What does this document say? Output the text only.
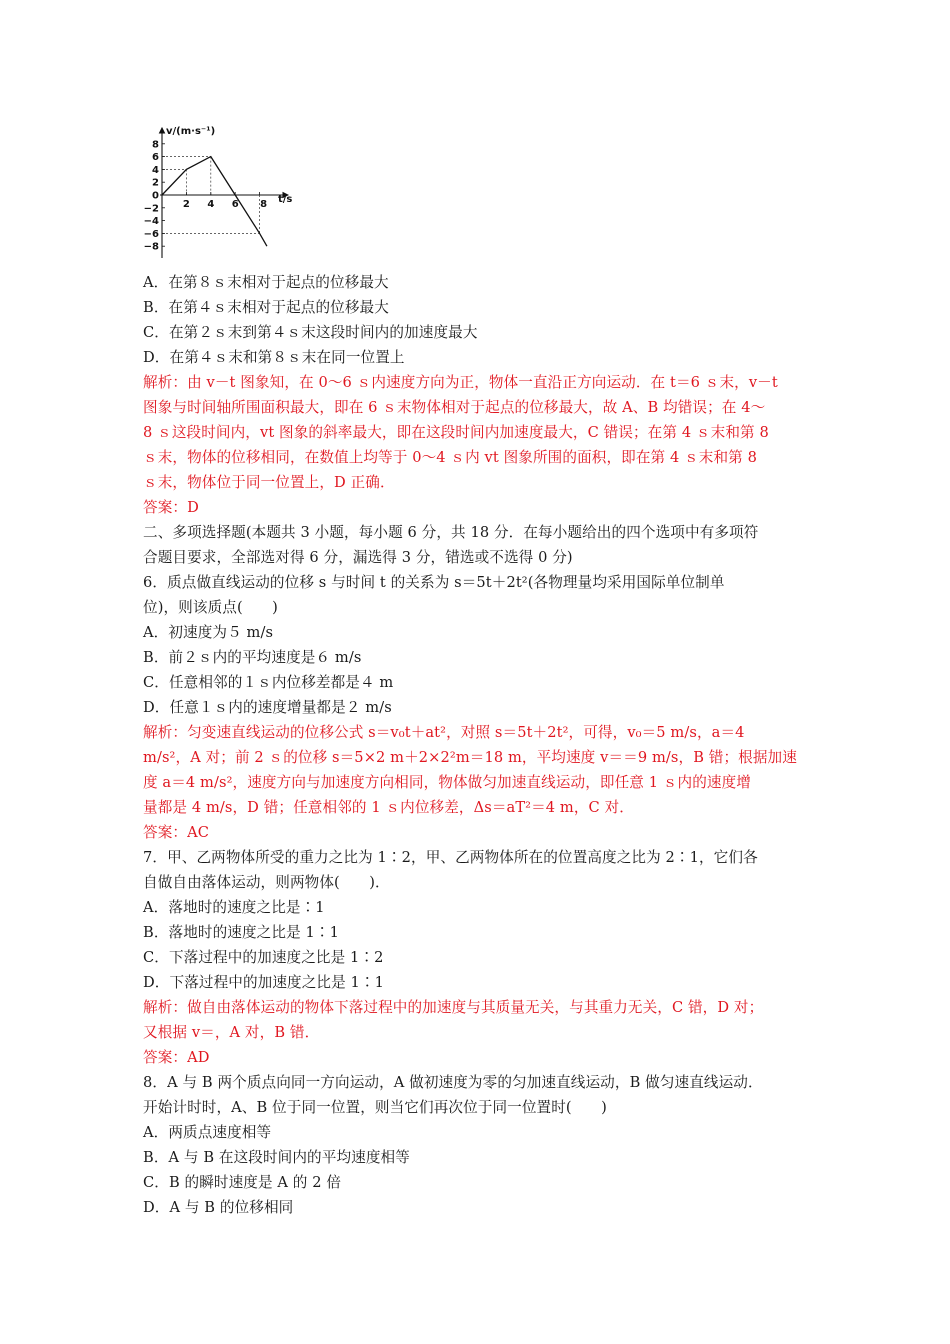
8
6
4
2
0
−2
−4
−6
−8
2 4 6 8
v/(m·s⁻¹)
t/s
A．在第８ｓ末相对于起点的位移最大
B．在第４ｓ末相对于起点的位移最大
C．在第２ｓ末到第４ｓ末这段时间内的加速度最大
D．在第４ｓ末和第８ｓ末在同一位置上
解析：由 v－t 图象知，在 0～6 ｓ内速度方向为正，物体一直沿正方向运动．在 t＝6 ｓ末，v－t
图象与时间轴所围面积最大，即在 6 ｓ末物体相对于起点的位移最大，故 A、B 均错误；在 4～
8 ｓ这段时间内，vt 图象的斜率最大，即在这段时间内加速度最大，C 错误；在第 4 ｓ末和第 8
ｓ末，物体的位移相同，在数值上均等于 0～4 ｓ内 vt 图象所围的面积，即在第 4 ｓ末和第 8
ｓ末，物体位于同一位置上，D 正确．
答案：D
二、多项选择题(本题共 3 小题，每小题 6 分，共 18 分．在每小题给出的四个选项中有多项符
合题目要求，全部选对得 6 分，漏选得 3 分，错选或不选得 0 分)
6．质点做直线运动的位移 s 与时间 t 的关系为 s＝5t＋2t²(各物理量均采用国际单位制单
位)，则该质点(　　)
A．初速度为５ m/s
B．前２ｓ内的平均速度是６ m/s
C．任意相邻的１ｓ内位移差都是４ m
D．任意１ｓ内的速度增量都是２ m/s
解析：匀变速直线运动的位移公式 s＝v₀t＋at²，对照 s＝5t＋2t²，可得，v₀＝5 m/s，a＝4
m/s²，A 对；前 2 ｓ的位移 s＝5×2 m＋2×2²m＝18 m，平均速度 v＝＝9 m/s，B 错；根据加速
度 a＝4 m/s²，速度方向与加速度方向相同，物体做匀加速直线运动，即任意 1 ｓ内的速度增
量都是 4 m/s，D 错；任意相邻的 1 ｓ内位移差，Δs＝aT²＝4 m，C 对．
答案：AC
7．甲、乙两物体所受的重力之比为 1∶2，甲、乙两物体所在的位置高度之比为 2∶1，它们各
自做自由落体运动，则两物体(　　)．
A．落地时的速度之比是∶1
B．落地时的速度之比是 1∶1
C．下落过程中的加速度之比是 1∶2
D．下落过程中的加速度之比是 1∶1
解析：做自由落体运动的物体下落过程中的加速度与其质量无关，与其重力无关，C 错，D 对；
又根据 v＝，A 对，B 错．
答案：AD
8．A 与 B 两个质点向同一方向运动，A 做初速度为零的匀加速直线运动，B 做匀速直线运动．
开始计时时，A、B 位于同一位置，则当它们再次位于同一位置时(　　)
A．两质点速度相等
B．A 与 B 在这段时间内的平均速度相等
C．B 的瞬时速度是 A 的 2 倍
D．A 与 B 的位移相同
